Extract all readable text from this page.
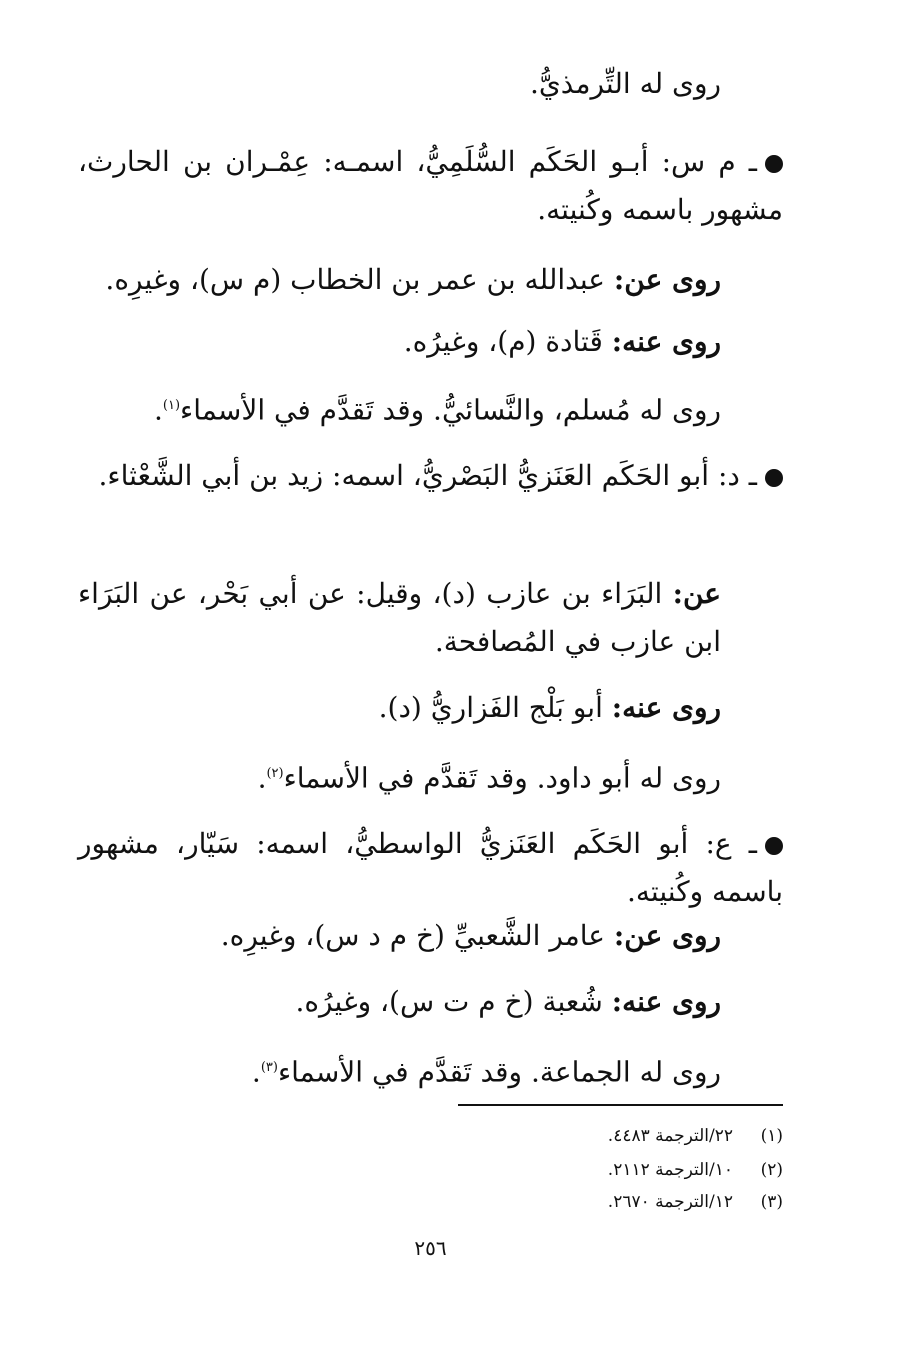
روى له التِّرمذيُّ.

ـ م س: أبـو الحَكَم السُّلَمِيُّ، اسمـه: عِمْـران بن الحارث، مشهور باسمه وكُنيته.

روى عن: عبدالله بن عمر بن الخطاب (م س)، وغيرِه.

روى عنه: قَتادة (م)، وغيرُه.

روى له مُسلم، والنَّسائيُّ. وقد تَقدَّم في الأسماء$^{(١)}$.

ـ د: أبو الحَكَم العَنَزيُّ البَصْريُّ، اسمه: زيد بن أبي الشَّعْثاء.

عن: البَرَاء بن عازب (د)، وقيل: عن أبي بَحْر، عن البَرَاء ابن عازب في المُصافحة.

روى عنه: أبو بَلْج الفَزاريُّ (د).

روى له أبو داود. وقد تَقدَّم في الأسماء$^{(٢)}$.

ـ ع: أبو الحَكَم العَنَزيُّ الواسطيُّ، اسمه: سَيّار، مشهور باسمه وكُنيته.

روى عن: عامر الشَّعبيِّ (خ م د س)، وغيرِه.

روى عنه: شُعبة (خ م ت س)، وغيرُه.

روى له الجماعة. وقد تَقدَّم في الأسماء$^{(٣)}$.

(١)٢٢/الترجمة ٤٤٨٣.
(٢)١٠/الترجمة ٢١١٢.
(٣)١٢/الترجمة ٢٦٧٠.
٢٥٦
